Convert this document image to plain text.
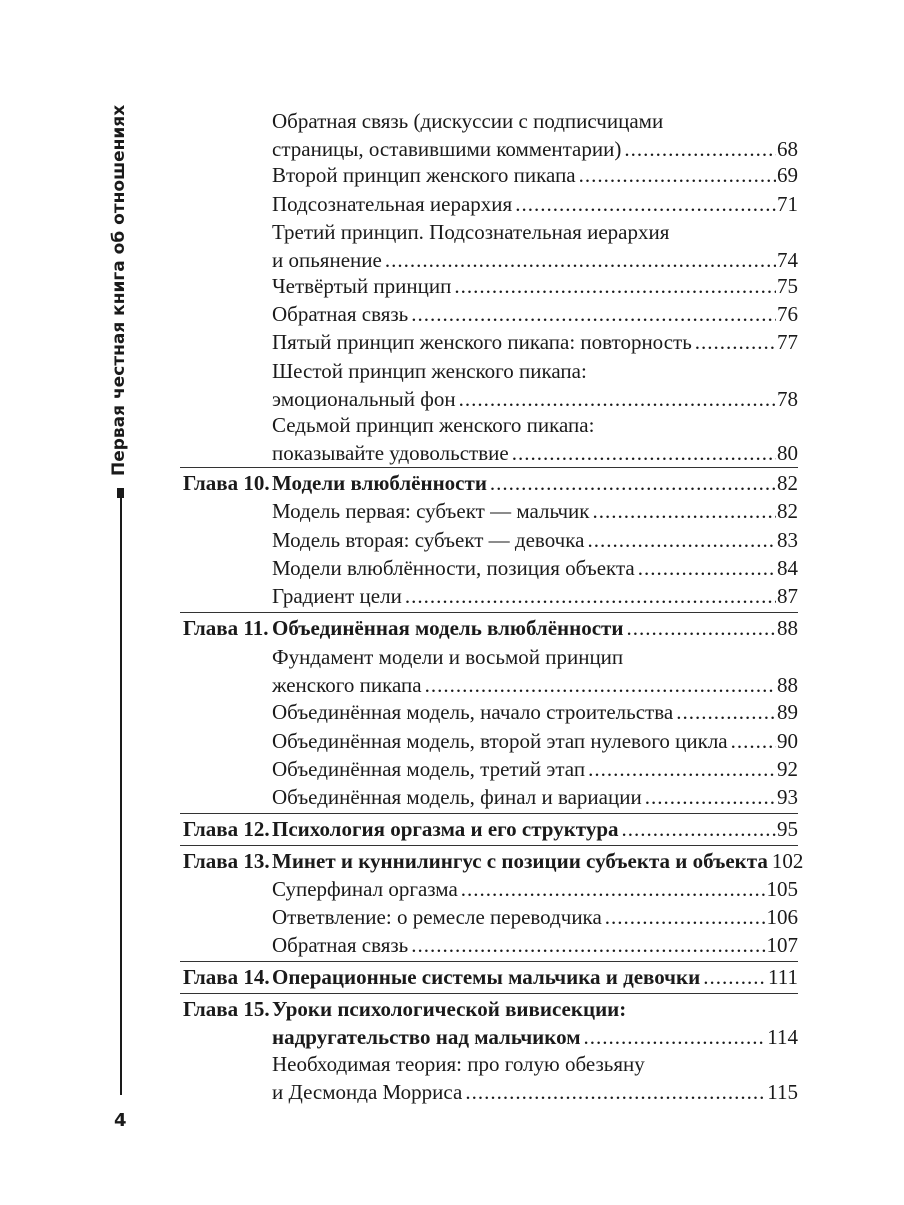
Первая честная книга об отношениях
4
Обратная связь (дискуссии с подписчицами
страницы, оставившими комментарии) .....	68
Второй принцип женского пикапа .....	69
Подсознательная иерархия .....	71
Третий принцип. Подсознательная иерархия
и опьянение .....	74
Четвёртый принцип .....	75
Обратная связь .....	76
Пятый принцип женского пикапа: повторность .....	77
Шестой принцип женского пикапа:
эмоциональный фон .....	78
Седьмой принцип женского пикапа:
показывайте удовольствие .....	80
Глава 10. Модели влюблённости .....	82
Модель первая: субъект — мальчик .....	82
Модель вторая: субъект — девочка .....	83
Модели влюблённости, позиция объекта .....	84
Градиент цели .....	87
Глава 11. Объединённая модель влюблённости .....	88
Фундамент модели и восьмой принцип
женского пикапа .....	88
Объединённая модель, начало строительства .....	89
Объединённая модель, второй этап нулевого цикла ..... 90
Объединённая модель, третий этап .....	92
Объединённая модель, финал и вариации .....	93
Глава 12. Психология оргазма и его структура .....	95
Глава 13. Минет и куннилингус с позиции субъекта и объекта 102
Суперфинал оргазма .....	105
Ответвление: о ремесле переводчика .....	106
Обратная связь .....	107
Глава 14. Операционные системы мальчика и девочки .....	111
Глава 15. Уроки психологической вивисекции:
надругательство над мальчиком .....	114
Необходимая теория: про голую обезьяну
и Десмонда Морриса .....	115
